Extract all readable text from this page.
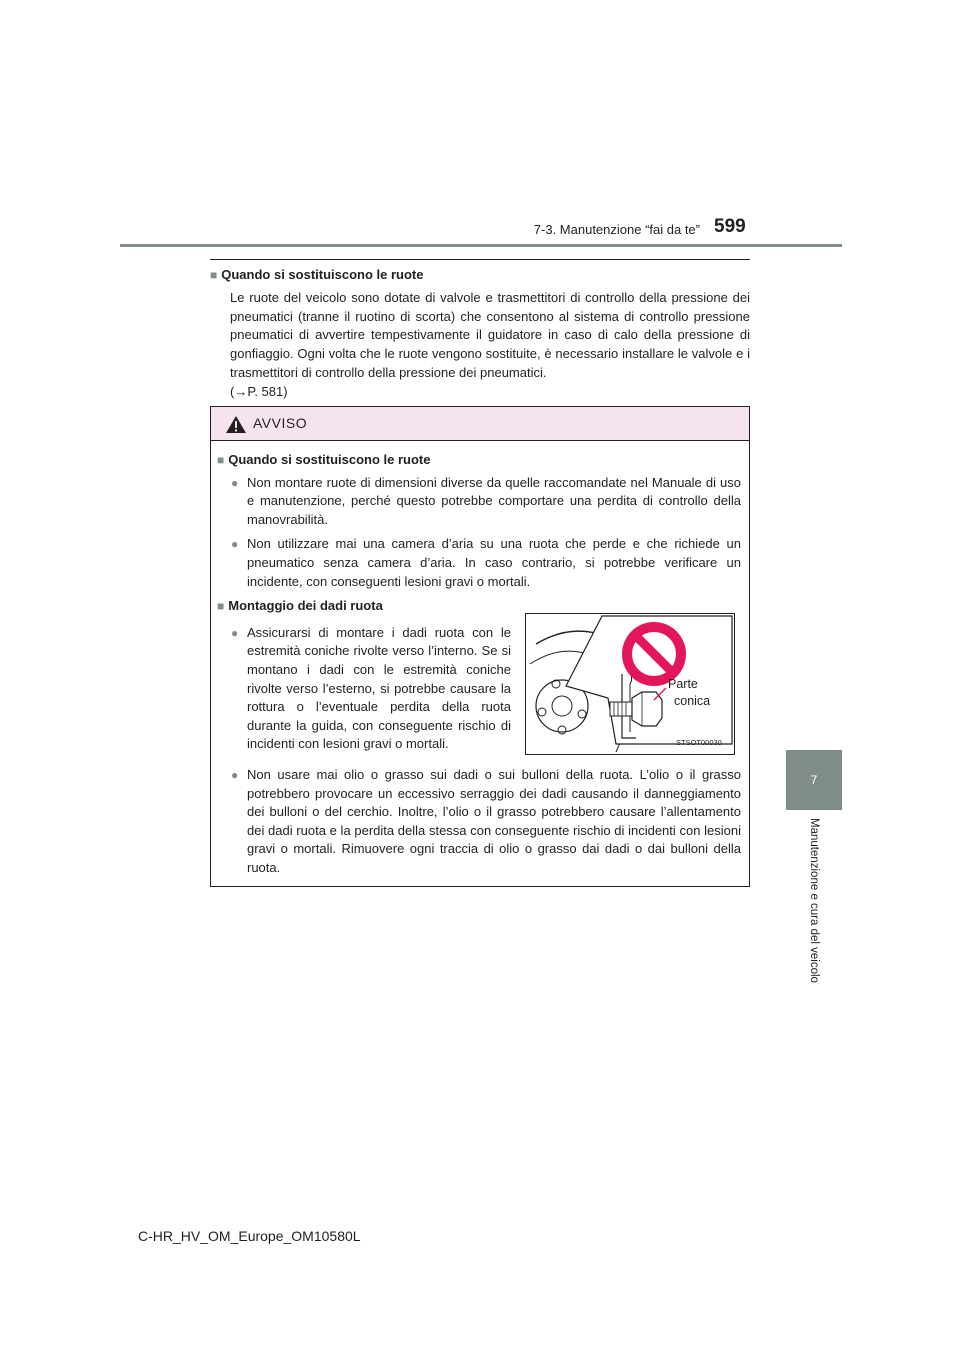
7-3. Manutenzione “fai da te” 599
7
Manutenzione e cura del veicolo

■ Quando si sostituiscono le ruote

Le ruote del veicolo sono dotate di valvole e trasmettitori di controllo della pressione dei pneumatici (tranne il ruotino di scorta) che consentono al sistema di controllo pressione pneumatici di avvertire tempestivamente il guidatore in caso di calo della pressione di gonfiaggio. Ogni volta che le ruote vengono sostituite, è necessario installare le valvole e i trasmettitori di controllo della pressione dei pneumatici.

(→P. 581)
AVVISO

■ Quando si sostituiscono le ruote

● Non montare ruote di dimensioni diverse da quelle raccomandate nel Manuale di uso e manutenzione, perché questo potrebbe comportare una perdita di controllo della manovrabilità.
● Non utilizzare mai una camera d’aria su una ruota che perde e che richiede un pneumatico senza camera d’aria. In caso contrario, si potrebbe verificare un incidente, con conseguenti lesioni gravi o mortali.

■ Montaggio dei dadi ruota

● Assicurarsi di montare i dadi ruota con le estremità coniche rivolte verso l’interno. Se si montano i dadi con le estremità coniche rivolte verso l’esterno, si potrebbe causare la rottura o l’eventuale perdita della ruota durante la guida, con conseguente rischio di incidenti con lesioni gravi o mortali.
● Non usare mai olio o grasso sui dadi o sui bulloni della ruota. L’olio o il grasso potrebbero provocare un eccessivo serraggio dei dadi causando il danneggiamento dei bulloni o del cerchio. Inoltre, l’olio o il grasso potrebbero causare l’allentamento dei dadi ruota e la perdita della stessa con conseguente rischio di incidenti con lesioni gravi o mortali. Rimuovere ogni traccia di olio o grasso dai dadi o dai bulloni della ruota.
Parte
conica
STSOT00030
C-HR_HV_OM_Europe_OM10580L
